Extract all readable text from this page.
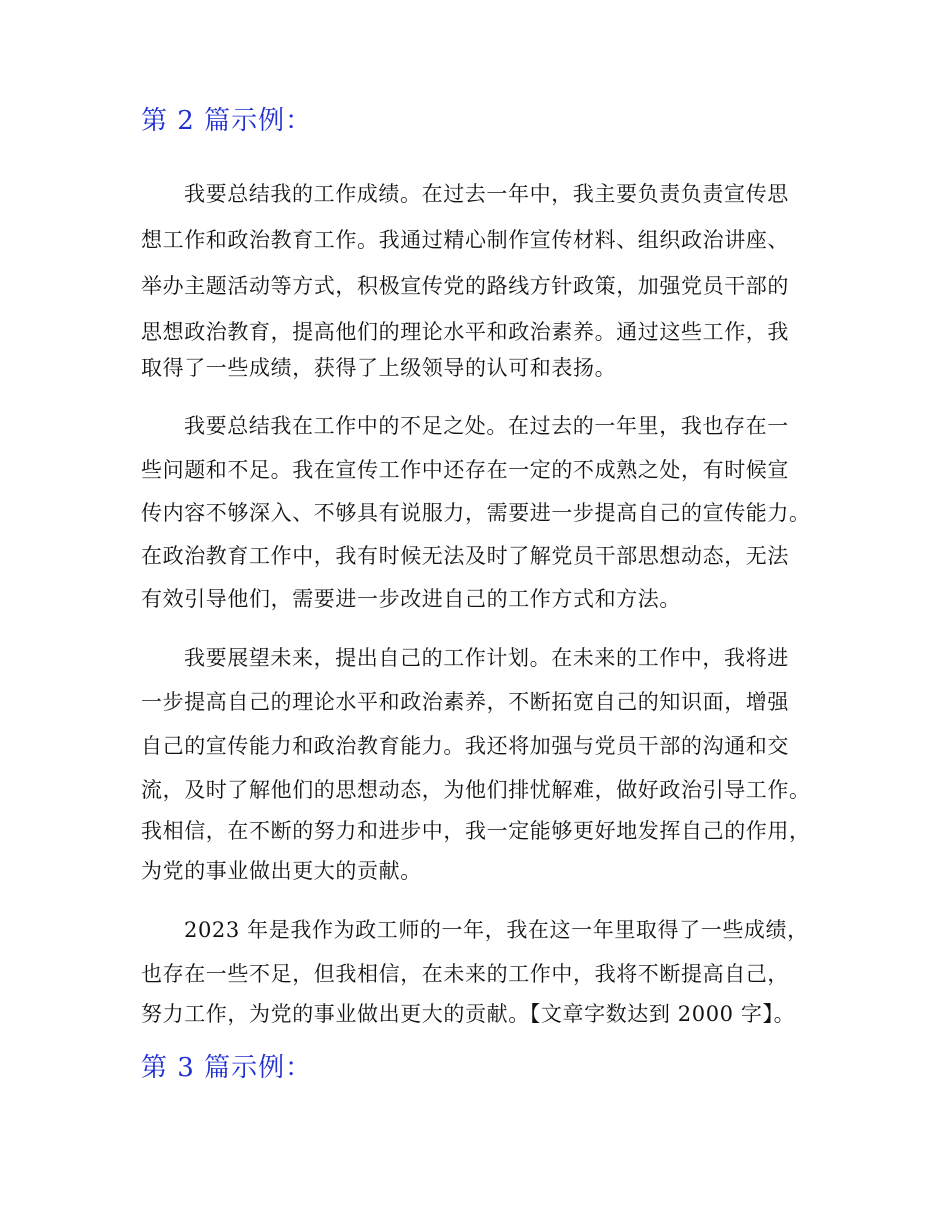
第 2 篇示例：
我要总结我的工作成绩。在过去一年中，我主要负责负责宣传思
想工作和政治教育工作。我通过精心制作宣传材料、组织政治讲座、
举办主题活动等方式，积极宣传党的路线方针政策，加强党员干部的
思想政治教育，提高他们的理论水平和政治素养。通过这些工作，我
取得了一些成绩，获得了上级领导的认可和表扬。
我要总结我在工作中的不足之处。在过去的一年里，我也存在一
些问题和不足。我在宣传工作中还存在一定的不成熟之处，有时候宣
传内容不够深入、不够具有说服力，需要进一步提高自己的宣传能力。
在政治教育工作中，我有时候无法及时了解党员干部思想动态，无法
有效引导他们，需要进一步改进自己的工作方式和方法。
我要展望未来，提出自己的工作计划。在未来的工作中，我将进
一步提高自己的理论水平和政治素养，不断拓宽自己的知识面，增强
自己的宣传能力和政治教育能力。我还将加强与党员干部的沟通和交
流，及时了解他们的思想动态，为他们排忧解难，做好政治引导工作。
我相信，在不断的努力和进步中，我一定能够更好地发挥自己的作用，
为党的事业做出更大的贡献。
2023 年是我作为政工师的一年，我在这一年里取得了一些成绩，
也存在一些不足，但我相信，在未来的工作中，我将不断提高自己，
努力工作，为党的事业做出更大的贡献。【文章字数达到 2000 字】。
第 3 篇示例：
